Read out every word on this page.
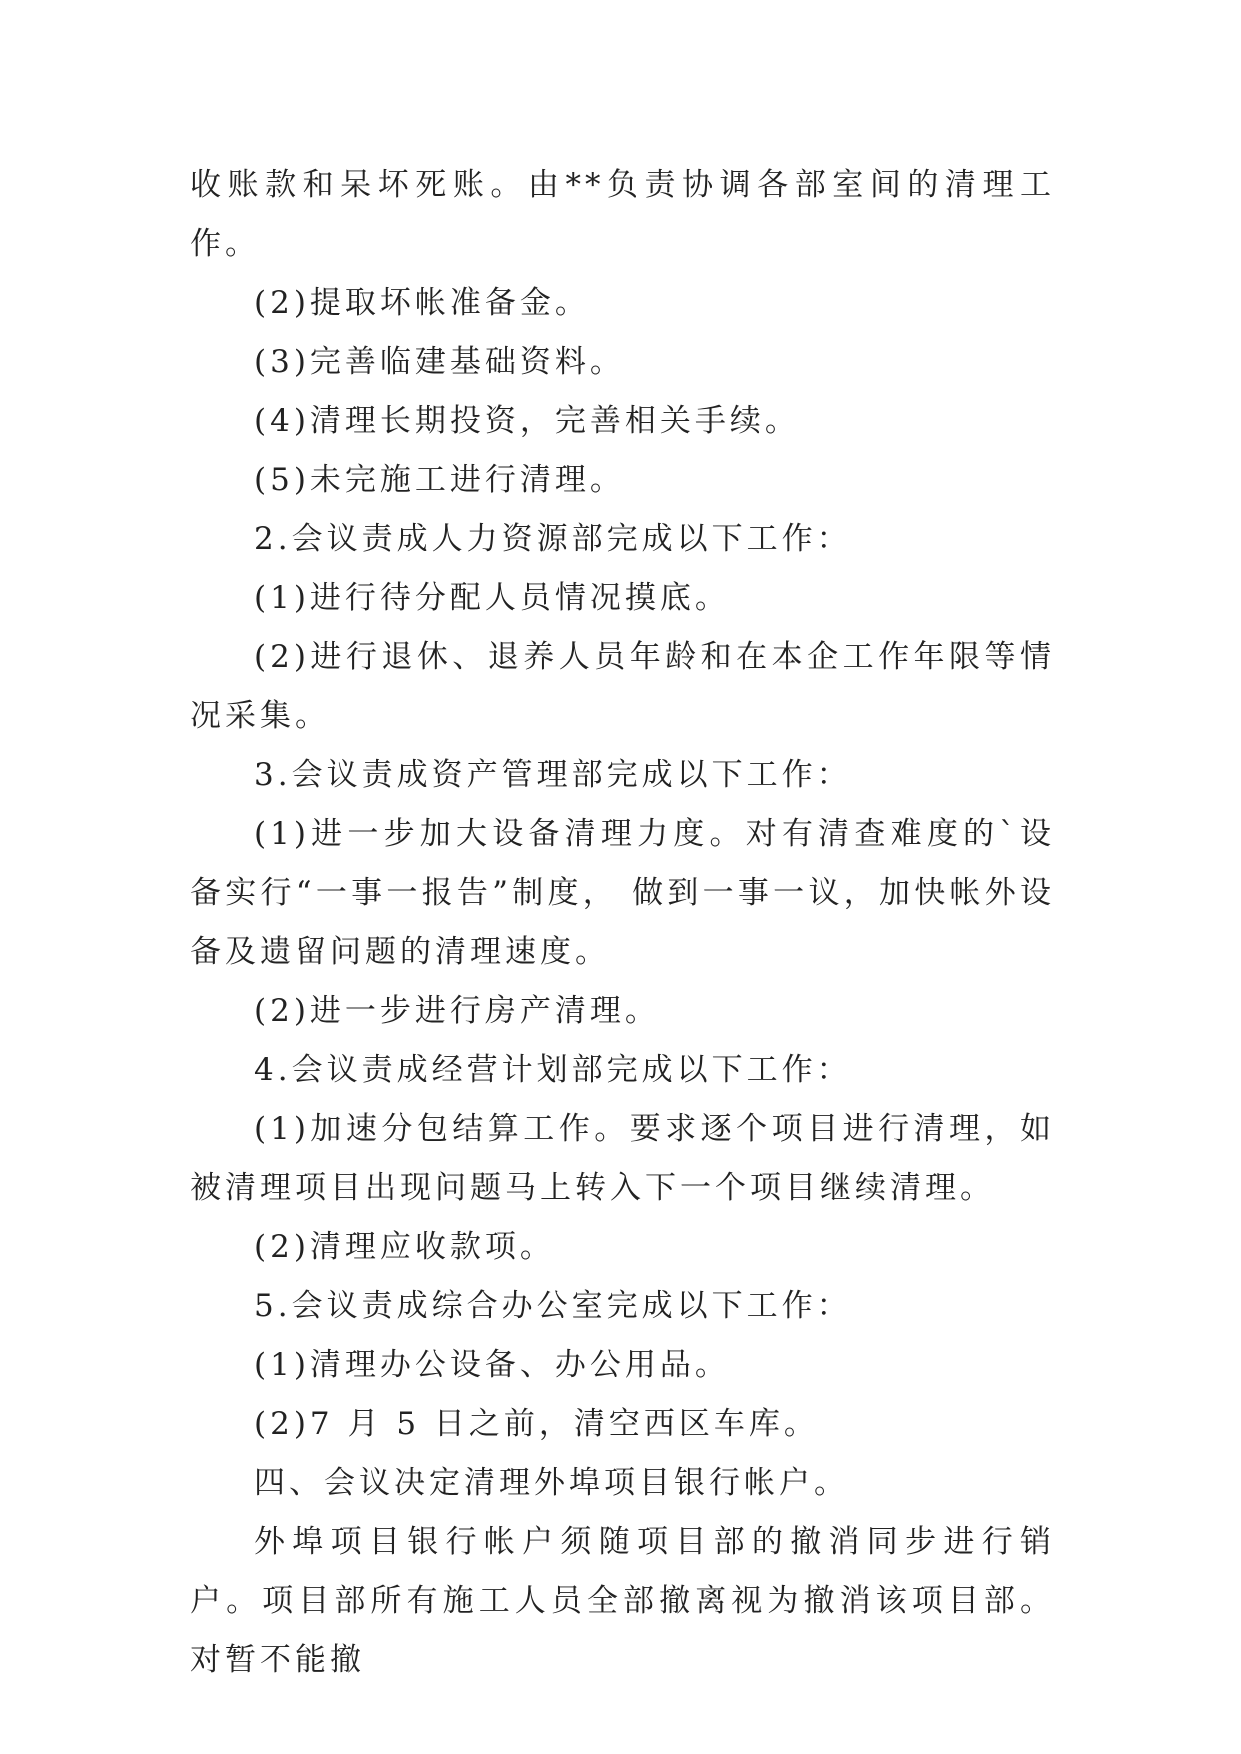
收账款和呆坏死账。由**负责协调各部室间的清理工作。

(2)提取坏帐准备金。

(3)完善临建基础资料。

(4)清理长期投资，完善相关手续。

(5)未完施工进行清理。

2.会议责成人力资源部完成以下工作：

(1)进行待分配人员情况摸底。

(2)进行退休、退养人员年龄和在本企工作年限等情况采集。

3.会议责成资产管理部完成以下工作：

(1)进一步加大设备清理力度。对有清查难度的`设备实行“一事一报告”制度， 做到一事一议，加快帐外设备及遗留问题的清理速度。

(2)进一步进行房产清理。

4.会议责成经营计划部完成以下工作：

(1)加速分包结算工作。要求逐个项目进行清理，如被清理项目出现问题马上转入下一个项目继续清理。

(2)清理应收款项。

5.会议责成综合办公室完成以下工作：

(1)清理办公设备、办公用品。

(2)7 月 5 日之前，清空西区车库。

四、会议决定清理外埠项目银行帐户。

外埠项目银行帐户须随项目部的撤消同步进行销户。项目部所有施工人员全部撤离视为撤消该项目部。对暂不能撤
